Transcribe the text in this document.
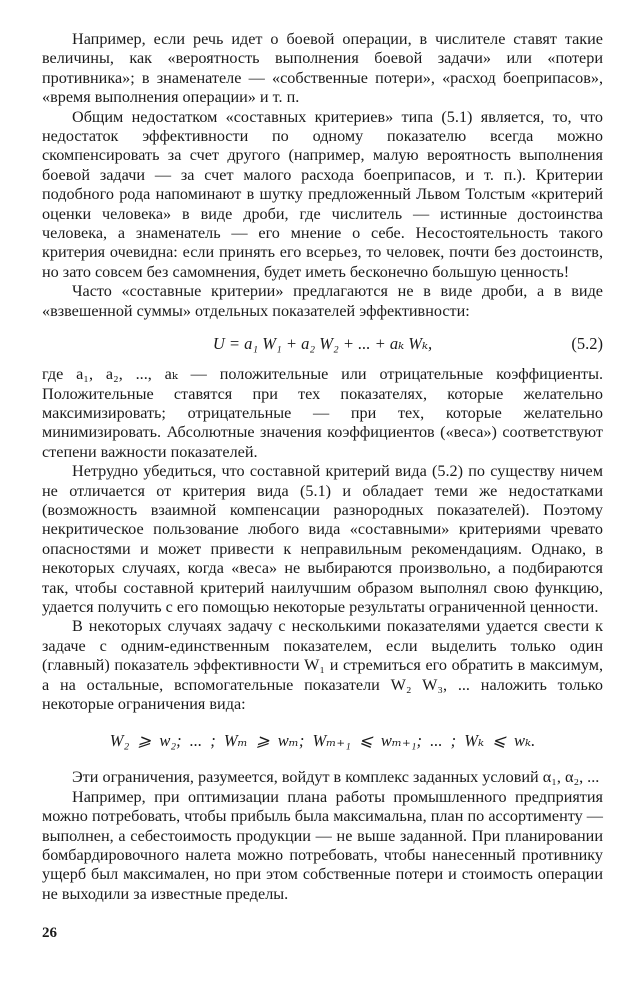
Например, если речь идет о боевой операции, в числителе ставят такие величины, как «вероятность выполнения боевой задачи» или «потери противника»; в знаменателе — «собственные потери», «расход боеприпасов», «время выполнения операции» и т. п.

Общим недостатком «составных критериев» типа (5.1) является, то, что недостаток эффективности по одному показателю всегда можно скомпенсировать за счет другого (например, малую вероятность выполнения боевой задачи — за счет малого расхода боеприпасов, и т. п.). Критерии подобного рода напоминают в шутку предложенный Львом Толстым «критерий оценки человека» в виде дроби, где числитель — истинные достоинства человека, а знаменатель — его мнение о себе. Несостоятельность такого критерия очевидна: если принять его всерьез, то человек, почти без достоинств, но зато совсем без самомнения, будет иметь бесконечно большую ценность!

Часто «составные критерии» предлагаются не в виде дроби, а в виде «взвешенной суммы» отдельных показателей эффективности:

U = a₁ W₁ + a₂ W₂ + ... + aₖ Wₖ,	(5.2)

где a₁, a₂, ..., aₖ — положительные или отрицательные коэффициенты. Положительные ставятся при тех показателях, которые желательно максимизировать; отрицательные — при тех, которые желательно минимизировать. Абсолютные значения коэффициентов («веса») соответствуют степени важности показателей.

Нетрудно убедиться, что составной критерий вида (5.2) по существу ничем не отличается от критерия вида (5.1) и обладает теми же недостатками (возможность взаимной компенсации разнородных показателей). Поэтому некритическое пользование любого вида «составными» критериями чревато опасностями и может привести к неправильным рекомендациям. Однако, в некоторых случаях, когда «веса» не выбираются произвольно, а подбираются так, чтобы составной критерий наилучшим образом выполнял свою функцию, удается получить с его помощью некоторые результаты ограниченной ценности.

В некоторых случаях задачу с несколькими показателями удается свести к задаче с одним-единственным показателем, если выделить только один (главный) показатель эффективности W₁ и стремиться его обратить в максимум, а на остальные, вспомогательные показатели W₂ W₃, ... наложить только некоторые ограничения вида:

W₂ ⩾ w₂; ... ; Wₘ ⩾ wₘ; Wₘ₊₁ ⩽ wₘ₊₁; ... ; Wₖ ⩽ wₖ.

Эти ограничения, разумеется, войдут в комплекс заданных условий α₁, α₂, ...

Например, при оптимизации плана работы промышленного предприятия можно потребовать, чтобы прибыль была максимальна, план по ассортименту — выполнен, а себестоимость продукции — не выше заданной. При планировании бомбардировочного налета можно потребовать, чтобы нанесенный противнику ущерб был максимален, но при этом собственные потери и стоимость операции не выходили за известные пределы.

26
